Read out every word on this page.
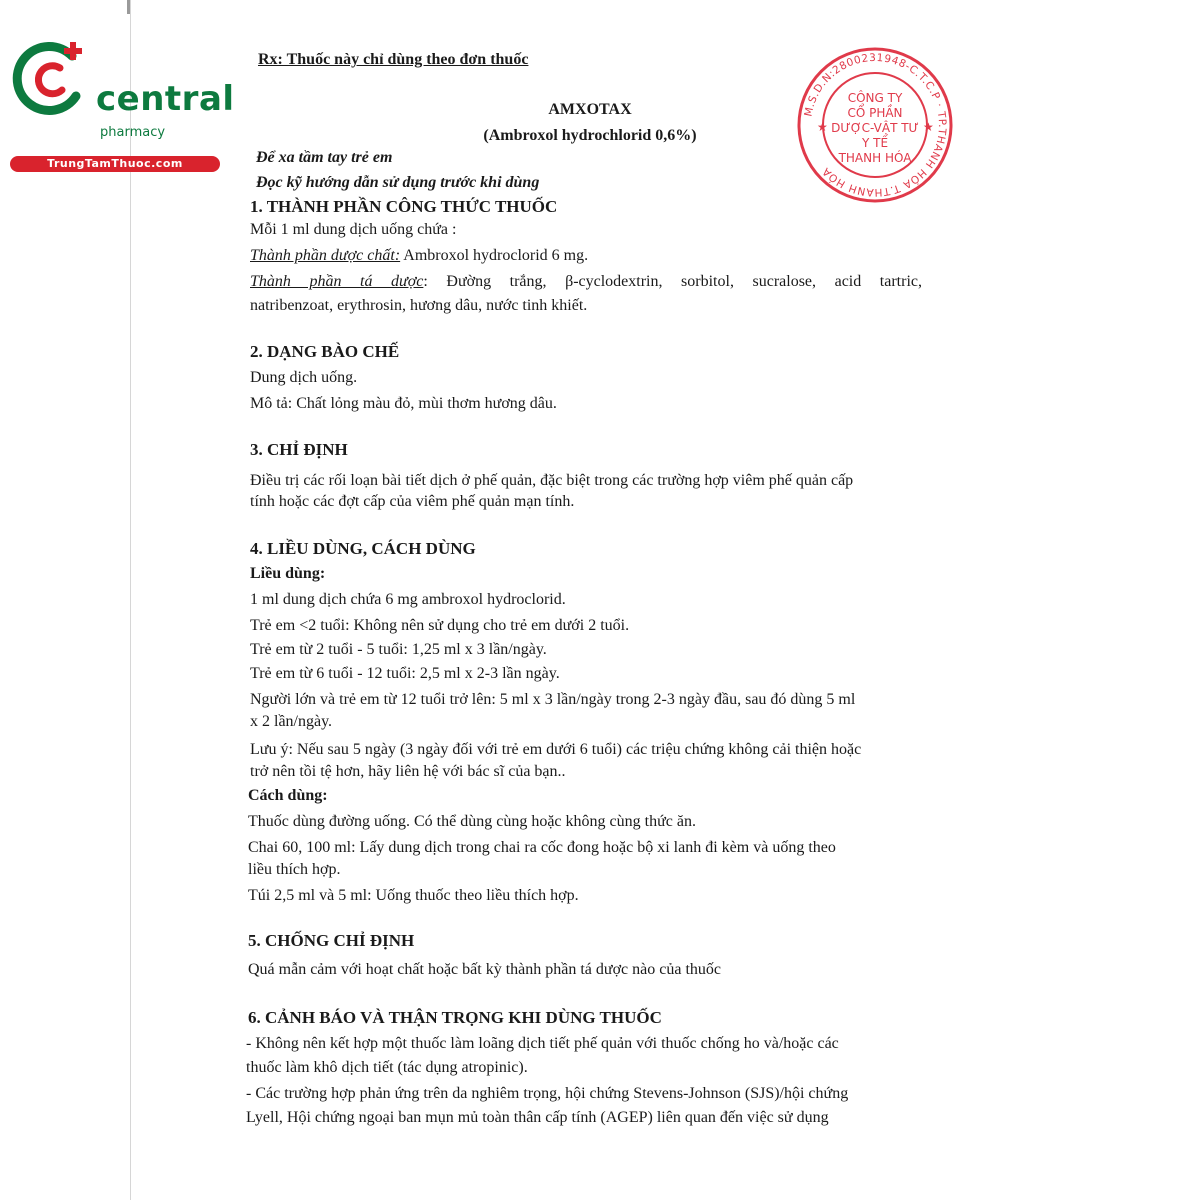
central

pharmacy
TrungTamThuoc.com
M.S.D.N:2800231948-C.T.C.P · TP.THANH HÓA T.THANH HÓA
★	★
CÔNG TY
CỔ PHẦN
DƯỢC-VẬT TƯ
Y TẾ
THANH HÓA
Rx: Thuốc này chỉ dùng theo đơn thuốc
AMXOTAX
(Ambroxol hydrochlorid 0,6%)
Để xa tầm tay trẻ em
Đọc kỹ hướng dẫn sử dụng trước khi dùng
1. THÀNH PHẦN CÔNG THỨC THUỐC
Mỗi 1 ml dung dịch uống chứa :
Thành phần dược chất: Ambroxol hydroclorid 6 mg.
Thành phần tá dược: Đường trắng, β-cyclodextrin, sorbitol, sucralose, acid tartric,
natribenzoat, erythrosin, hương dâu, nước tinh khiết.
2. DẠNG BÀO CHẾ
Dung dịch uống.
Mô tả: Chất lỏng màu đỏ, mùi thơm hương dâu.
3. CHỈ ĐỊNH
Điều trị các rối loạn bài tiết dịch ở phế quản, đặc biệt trong các trường hợp viêm phế quản cấp
tính hoặc các đợt cấp của viêm phế quản mạn tính.
4. LIỀU DÙNG, CÁCH DÙNG
Liều dùng:
1 ml dung dịch chứa 6 mg ambroxol hydroclorid.
Trẻ em <2 tuổi: Không nên sử dụng cho trẻ em dưới 2 tuổi.
Trẻ em từ 2 tuổi - 5 tuổi: 1,25 ml x 3 lần/ngày.
Trẻ em từ 6 tuổi - 12 tuổi: 2,5 ml x 2-3 lần ngày.
Người lớn và trẻ em từ 12 tuổi trở lên: 5 ml x 3 lần/ngày trong 2-3 ngày đầu, sau đó dùng 5 ml
x 2 lần/ngày.
Lưu ý: Nếu sau 5 ngày (3 ngày đối với trẻ em dưới 6 tuổi) các triệu chứng không cải thiện hoặc
trở nên tồi tệ hơn, hãy liên hệ với bác sĩ của bạn..
Cách dùng:
Thuốc dùng đường uống. Có thể dùng cùng hoặc không cùng thức ăn.
Chai 60, 100 ml: Lấy dung dịch trong chai ra cốc đong hoặc bộ xi lanh đi kèm và uống theo
liều thích hợp.
Túi 2,5 ml và 5 ml: Uống thuốc theo liều thích hợp.
5. CHỐNG CHỈ ĐỊNH
Quá mẫn cảm với hoạt chất hoặc bất kỳ thành phần tá dược nào của thuốc
6. CẢNH BÁO VÀ THẬN TRỌNG KHI DÙNG THUỐC
- Không nên kết hợp một thuốc làm loãng dịch tiết phế quản với thuốc chống ho và/hoặc các
thuốc làm khô dịch tiết (tác dụng atropinic).
- Các trường hợp phản ứng trên da nghiêm trọng, hội chứng Stevens-Johnson (SJS)/hội chứng
Lyell, Hội chứng ngoại ban mụn mủ toàn thân cấp tính (AGEP) liên quan đến việc sử dụng
